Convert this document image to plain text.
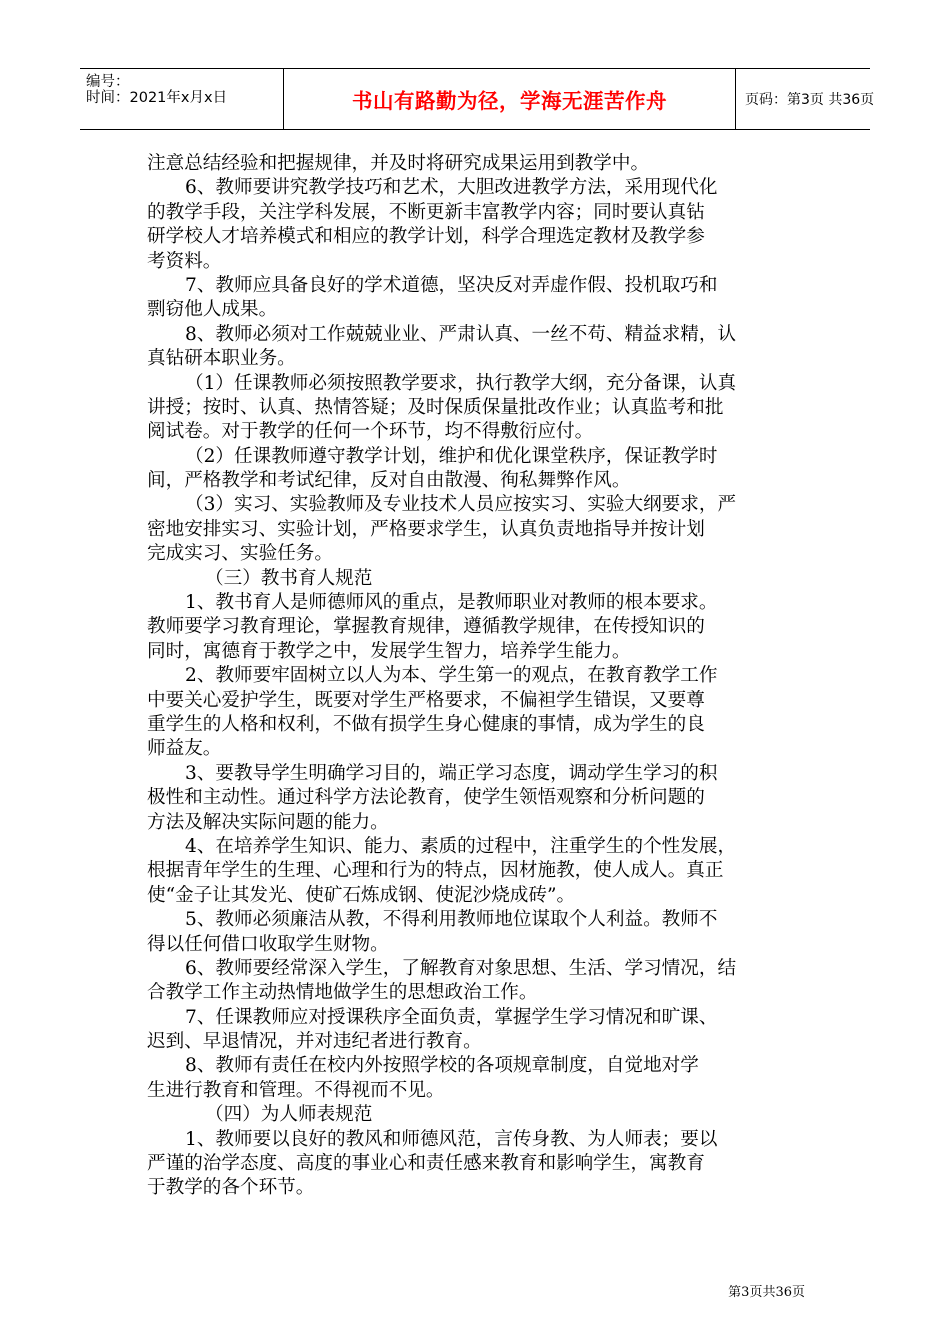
编号：
时间：2021年x月x日	书山有路勤为径，学海无涯苦作舟	页码：第3页 共36页
注意总结经验和把握规律，并及时将研究成果运用到教学中。
6、教师要讲究教学技巧和艺术，大胆改进教学方法，采用现代化
的教学手段，关注学科发展，不断更新丰富教学内容；同时要认真钻
研学校人才培养模式和相应的教学计划，科学合理选定教材及教学参
考资料。
7、教师应具备良好的学术道德，坚决反对弄虚作假、投机取巧和
剽窃他人成果。
8、教师必须对工作兢兢业业、严肃认真、一丝不苟、精益求精，认
真钻研本职业务。
（1）任课教师必须按照教学要求，执行教学大纲，充分备课，认真
讲授；按时、认真、热情答疑；及时保质保量批改作业；认真监考和批
阅试卷。对于教学的任何一个环节，均不得敷衍应付。
（2）任课教师遵守教学计划，维护和优化课堂秩序，保证教学时
间，严格教学和考试纪律，反对自由散漫、徇私舞弊作风。
（3）实习、实验教师及专业技术人员应按实习、实验大纲要求，严
密地安排实习、实验计划，严格要求学生，认真负责地指导并按计划
完成实习、实验任务。
（三）教书育人规范
1、教书育人是师德师风的重点，是教师职业对教师的根本要求。
教师要学习教育理论，掌握教育规律，遵循教学规律，在传授知识的
同时，寓德育于教学之中，发展学生智力，培养学生能力。
2、教师要牢固树立以人为本、学生第一的观点，在教育教学工作
中要关心爱护学生，既要对学生严格要求，不偏袒学生错误，又要尊
重学生的人格和权利，不做有损学生身心健康的事情，成为学生的良
师益友。
3、要教导学生明确学习目的，端正学习态度，调动学生学习的积
极性和主动性。通过科学方法论教育，使学生领悟观察和分析问题的
方法及解决实际问题的能力。
4、在培养学生知识、能力、素质的过程中，注重学生的个性发展，
根据青年学生的生理、心理和行为的特点，因材施教，使人成人。真正
使“金子让其发光、使矿石炼成钢、使泥沙烧成砖”。
5、教师必须廉洁从教，不得利用教师地位谋取个人利益。教师不
得以任何借口收取学生财物。
6、教师要经常深入学生，了解教育对象思想、生活、学习情况，结
合教学工作主动热情地做学生的思想政治工作。
7、任课教师应对授课秩序全面负责，掌握学生学习情况和旷课、
迟到、早退情况，并对违纪者进行教育。
8、教师有责任在校内外按照学校的各项规章制度，自觉地对学
生进行教育和管理。不得视而不见。
（四）为人师表规范
1、教师要以良好的教风和师德风范，言传身教、为人师表；要以
严谨的治学态度、高度的事业心和责任感来教育和影响学生，寓教育
于教学的各个环节。
第3页共36页
